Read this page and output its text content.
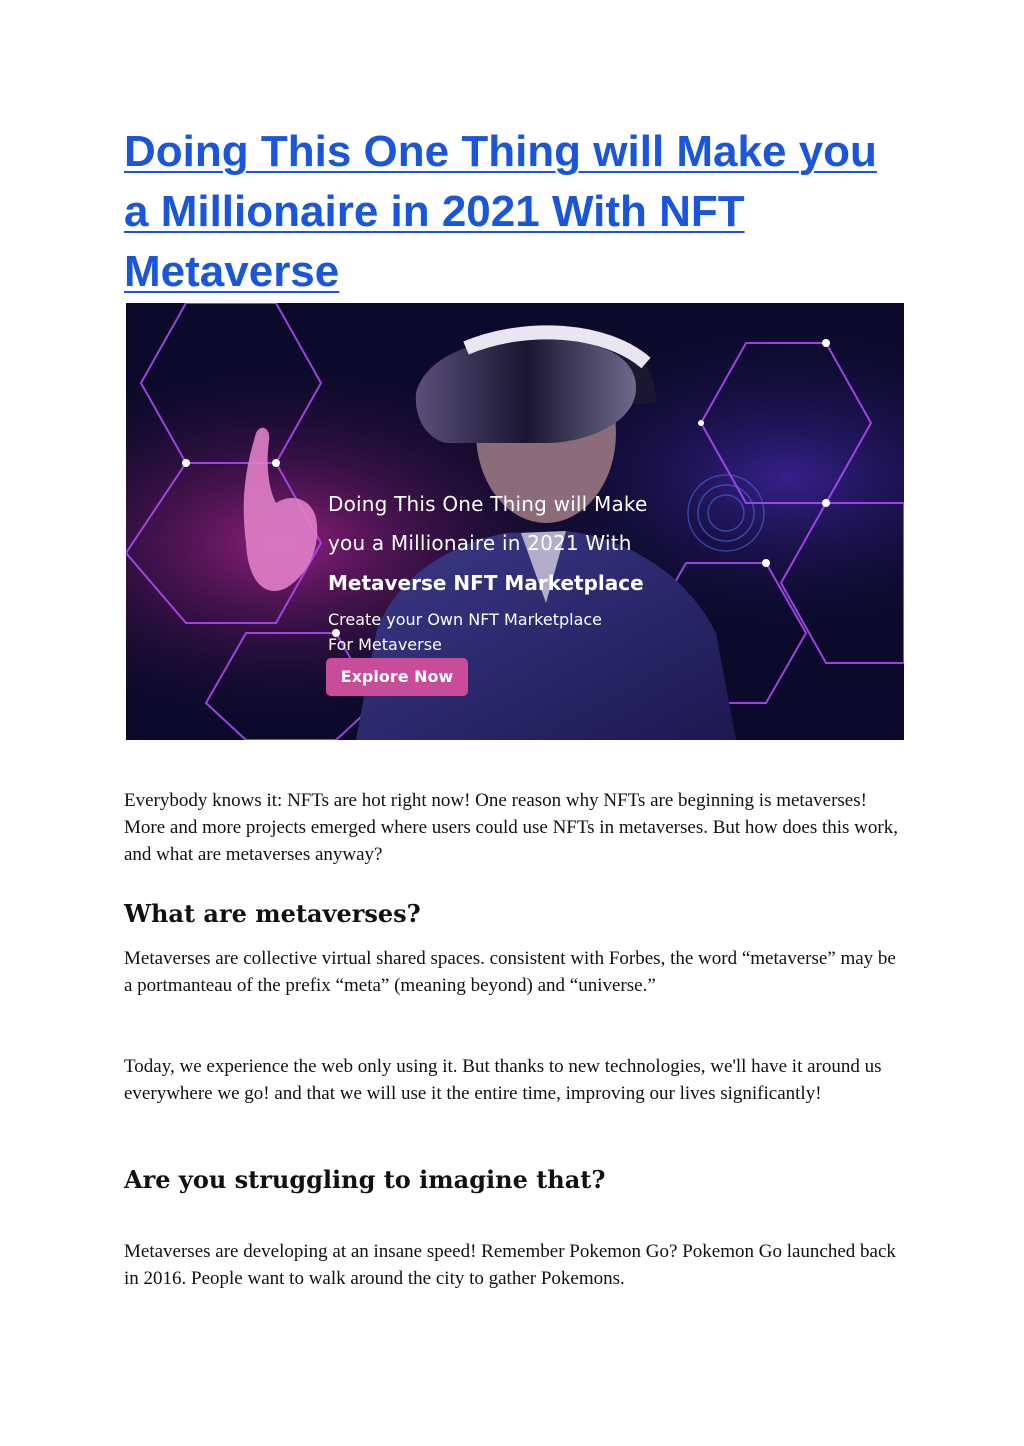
Doing This One Thing will Make you a Millionaire in 2021 With NFT Metaverse
Doing This One Thing will Make
you a Millionaire in 2021 With
Metaverse NFT Marketplace
Create your Own NFT Marketplace
For Metaverse
Explore Now

Everybody knows it: NFTs are hot right now! One reason why NFTs are beginning is metaverses! More and more projects emerged where users could use NFTs in metaverses. But how does this work, and what are metaverses anyway?

What are metaverses?

Metaverses are collective virtual shared spaces. consistent with Forbes, the word “metaverse” may be a portmanteau of the prefix “meta” (meaning beyond) and “universe.”

Today, we experience the web only using it. But thanks to new technologies, we'll have it around us everywhere we go! and that we will use it the entire time, improving our lives significantly!

Are you struggling to imagine that?

Metaverses are developing at an insane speed! Remember Pokemon Go? Pokemon Go launched back in 2016. People want to walk around the city to gather Pokemons.
